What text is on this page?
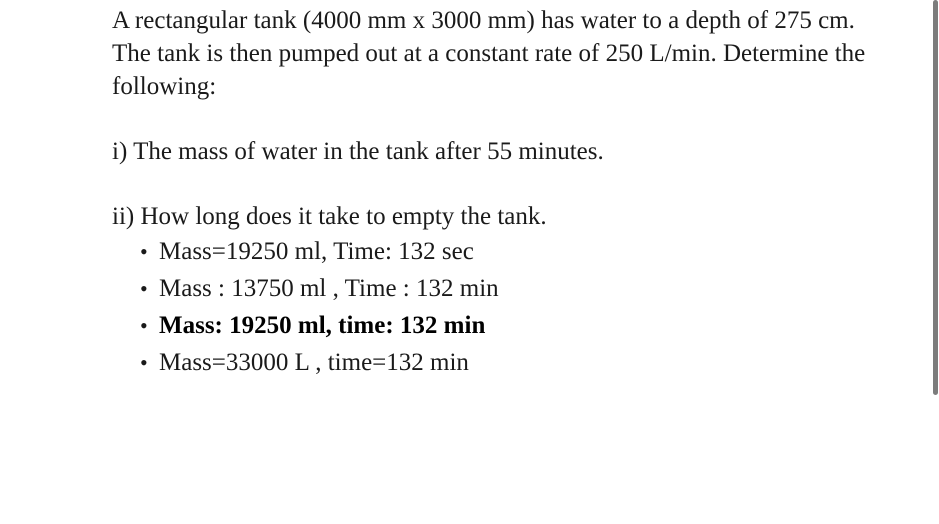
A rectangular tank (4000 mm x 3000 mm) has water to a depth of 275 cm. The tank is then pumped out at a constant rate of 250 L/min. Determine the following:

i) The mass of water in the tank after 55 minutes.

ii) How long does it take to empty the tank.

• Mass=19250 ml, Time: 132 sec
• Mass : 13750 ml , Time : 132 min
• Mass: 19250 ml, time: 132 min
• Mass=33000 L , time=132 min
